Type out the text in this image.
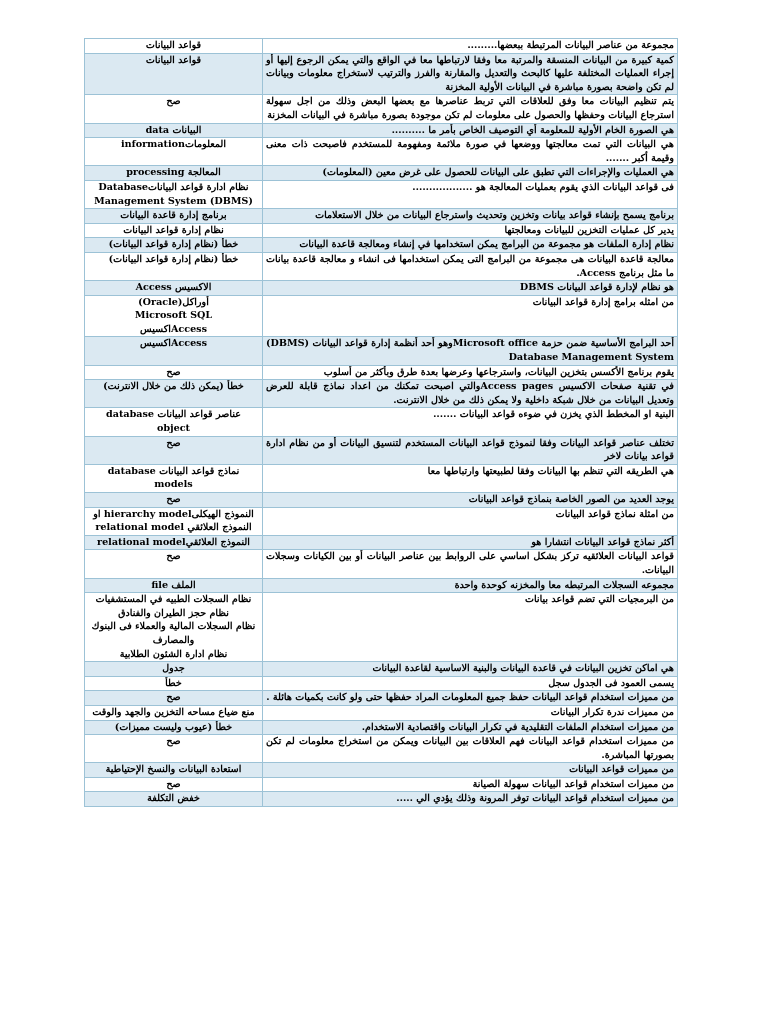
مجموعة من عناصر البيانات المرتبطة ببعضها.........	قواعد البيانات

كمية كبيرة من البيانات المنسقة والمرتبة معا وفقا لارتباطها معا في الواقع والتي يمكن الرجوع إليها أو إجراء العمليات المختلفة عليها كالبحث والتعديل والمقارنة والفرز والترتيب لاستخراج معلومات وبيانات لم تكن واضحة بصورة مباشرة في البيانات الأولية المخزنة	قواعد البيانات

يتم تنظيم البيانات معا وفق للعلاقات التي تربط عناصرها مع بعضها البعض وذلك من اجل سهولة استرجاع البيانات وحفظها والحصول على معلومات لم تكن موجودة بصورة مباشرة في البيانات المخزنة	صح

هي الصورة الخام الأولية للمعلومة أي التوصيف الخاص بأمر ما ..........	البيانات data

هي البيانات التي تمت معالجتها ووضعها في صورة ملائمة ومفهومة للمستخدم فاصبحت ذات معنى وقيمة أكبر .......	المعلوماتinformation

هي العمليات والإجراءات التي تطبق على البيانات للحصول على غرض معين (المعلومات)	المعالجة processing

فى قواعد البيانات الذي يقوم بعمليات المعالجة هو ..................	نظام ادارة قواعد البياناتDatabase Management System (DBMS)

برنامج يسمح بإنشاء قواعد بيانات وتخزين وتحديث واسترجاع البيانات من خلال الاستعلامات	برنامج إدارة قاعدة البيانات

يدير كل عمليات التخزين للبيانات ومعالجتها	نظام إدارة قواعد البيانات

نظام إدارة الملفات هو مجموعة من البرامج يمكن استخدامها في إنشاء ومعالجة قاعدة البيانات	خطأ (نظام إدارة قواعد البيانات)

معالجة قاعدة البيانات هى مجموعة من البرامج التى يمكن استخدامها فى انشاء و معالجة قاعدة بيانات ما مثل برنامج Access.	خطأ (نظام إدارة قواعد البيانات)

هو نظام لإدارة قواعد البيانات DBMS	الاكسيس Access

من امثله برامج إدارة قواعد البيانات	أوراكل(Oracle)
Microsoft SQL
Accessاكسيس

أحد البرامج الأساسية ضمن حزمة Microsoft officeوهو أحد أنظمة إدارة قواعد البيانات (DBMS) Database Management System	Accessاكسيس

يقوم برنامج الأكسس بتخزين البيانات، واسترجاعها وعرضها بعدة طرق وبأكثر من أسلوب	صح

في تقنية صفحات الاكسيس Access pagesوالتي اصبحت تمكنك من اعداد نماذج قابلة للعرض وتعديل البيانات من خلال شبكة داخلية ولا يمكن ذلك من خلال الانترنت.	خطأ (يمكن ذلك من خلال الانترنت)

البنية او المخطط الذي يخزن في ضوءه قواعد البيانات .......	عناصر قواعد البيانات database object

تختلف عناصر قواعد البيانات وفقا لنموذج قواعد البيانات المستخدم لتنسيق البيانات أو من نظام ادارة قواعد بيانات لاخر	صح

هي الطريقه التي تنظم بها البيانات وفقا لطبيعتها وارتباطها معا	نماذج قواعد البيانات database models

يوجد العديد من الصور الخاصة بنماذج قواعد البيانات	صح

من امثلة نماذج قواعد البيانات	النموذج الهيكلىhierarchy model او النموذج العلائقي relational model

أكثر نماذج قواعد البيانات انتشارا هو	النموذج العلائقيrelational model

قواعد البيانات العلائقيه تركز بشكل اساسي على الروابط بين عناصر البيانات أو بين الكيانات وسجلات البيانات.	صح

مجموعه السجلات المرتبطه معا والمخزنه كوحدة واحدة	الملف file

من البرمجيات التي تضم قواعد بيانات	نظام السجلات الطبيه في المستشفيات
نظام حجز الطيران والفنادق
نظام السجلات المالية والعملاء فى البنوك والمصارف
نظام ادارة الشئون الطلابية

هي اماكن تخزين البيانات في قاعدة البيانات والبنية الاساسية لقاعدة البيانات	جدول

يسمى العمود فى الجدول سجل	خطأ

من مميزات استخدام قواعد البيانات حفظ جميع المعلومات المراد حفظها حتى ولو كانت بكميات هائلة .	صح

من مميزات ندرة تكرار البيانات	منع ضياع مساحه التخزين والجهد والوقت

من مميزات استخدام الملفات التقليدية في تكرار البيانات واقتصادية الاستخدام.	خطأ (عيوب وليست مميزات)

من مميزات استخدام قواعد البيانات فهم العلاقات بين البيانات ويمكن من استخراج معلومات لم تكن بصورتها المباشرة.	صح

من مميزات قواعد البيانات	استعادة البيانات والنسخ الإحتياطية

من مميزات استخدام قواعد البيانات سهولة الصيانة	صح

من مميزات استخدام قواعد البيانات توفر المرونة وذلك يؤدي الي .....	خفض التكلفة
